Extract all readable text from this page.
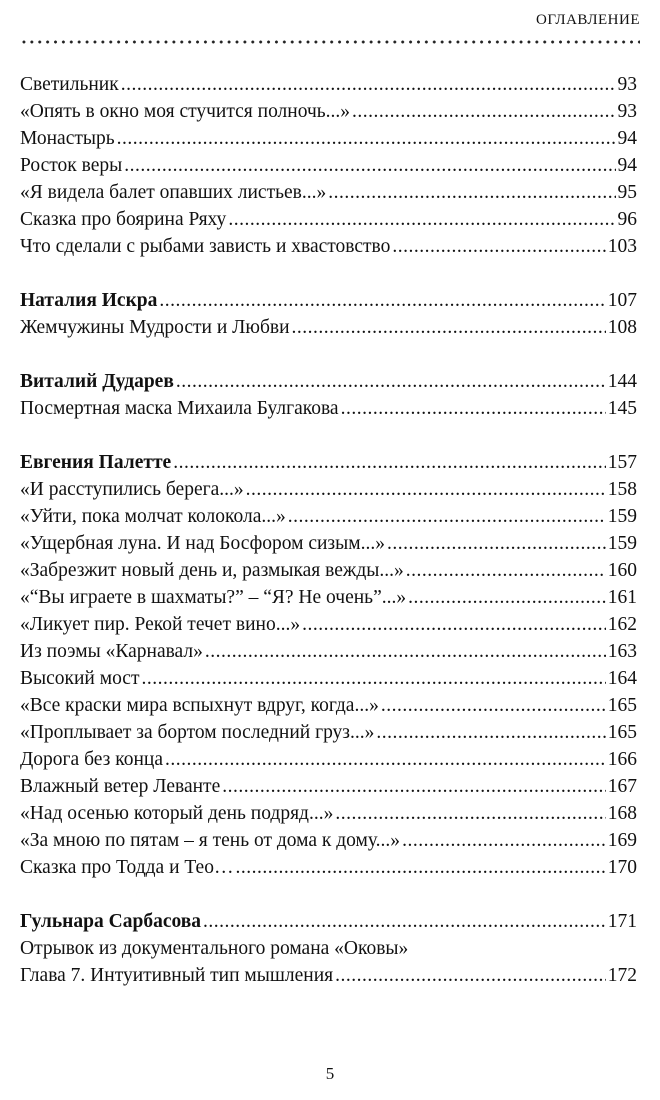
ОГЛАВЛЕНИЕ
Светильник .....	93
«Опять в окно моя стучится полночь...» .....	93
Монастырь .....	94
Росток веры .....	94
«Я видела балет опавших листьев...» .....	95
Сказка про боярина Ряху .....	96
Что сделали с рыбами зависть и хвастовство .....	103
Наталия Искра .....	107
Жемчужины Мудрости и Любви .....	108
Виталий Дударев .....	144
Посмертная маска Михаила Булгакова .....	145
Евгения Палетте .....	157
«И расступились берега...» .....	158
«Уйти, пока молчат колокола...» .....	159
«Ущербная луна. И над Босфором сизым...» .....	159
«Забрезжит новый день и, размыкая вежды...» .....	160
«“Вы играете в шахматы?” – “Я? Не очень”...» .....	161
«Ликует пир. Рекой течет вино...» .....	162
Из поэмы «Карнавал» .....	163
Высокий мост .....	164
«Все краски мира вспыхнут вдруг, когда...» .....	165
«Проплывает за бортом последний груз...» .....	165
Дорога без конца .....	166
Влажный ветер Леванте .....	167
«Над осенью который день подряд...» .....	168
«За мною по пятам – я тень от дома к дому...» .....	169
Сказка про Тодда и Тео… .....	170
Гульнара Сарбасова .....	171
Отрывок из документального романа «Оковы»
Глава 7. Интуитивный тип мышления .....	172
5
